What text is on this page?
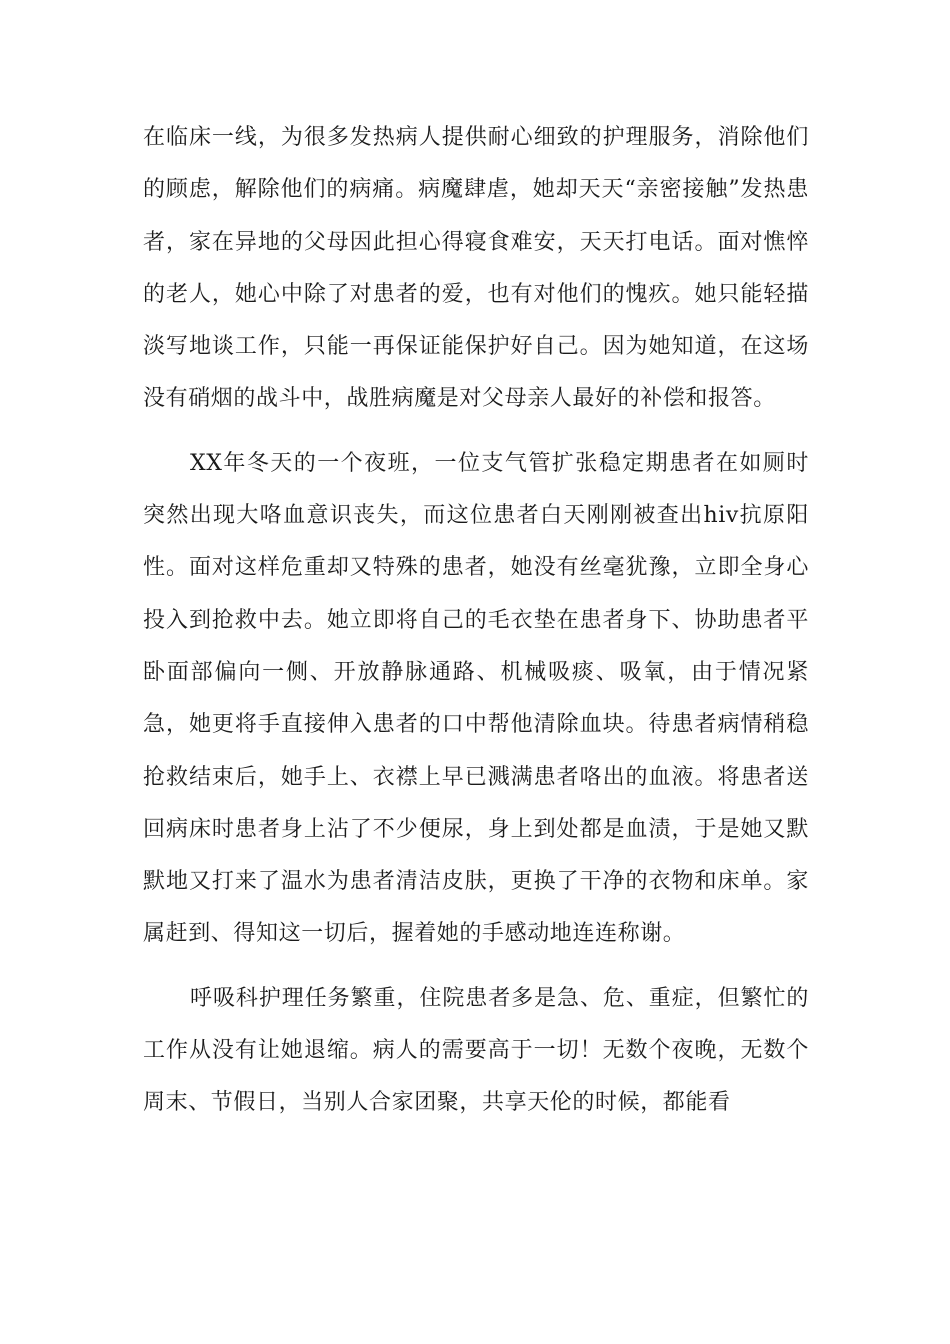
在临床一线，为很多发热病人提供耐心细致的护理服务，消除他们的顾虑，解除他们的病痛。病魔肆虐，她却天天“亲密接触”发热患者，家在异地的父母因此担心得寝食难安，天天打电话。面对憔悴的老人，她心中除了对患者的爱，也有对他们的愧疚。她只能轻描淡写地谈工作，只能一再保证能保护好自己。因为她知道，在这场没有硝烟的战斗中，战胜病魔是对父母亲人最好的补偿和报答。

XX年冬天的一个夜班，一位支气管扩张稳定期患者在如厕时突然出现大咯血意识丧失，而这位患者白天刚刚被查出hiv抗原阳性。面对这样危重却又特殊的患者，她没有丝毫犹豫，立即全身心投入到抢救中去。她立即将自己的毛衣垫在患者身下、协助患者平卧面部偏向一侧、开放静脉通路、机械吸痰、吸氧，由于情况紧急，她更将手直接伸入患者的口中帮他清除血块。待患者病情稍稳抢救结束后，她手上、衣襟上早已溅满患者咯出的血液。将患者送回病床时患者身上沾了不少便尿，身上到处都是血渍，于是她又默默地又打来了温水为患者清洁皮肤，更换了干净的衣物和床单。家属赶到、得知这一切后，握着她的手感动地连连称谢。

呼吸科护理任务繁重，住院患者多是急、危、重症，但繁忙的工作从没有让她退缩。病人的需要高于一切！无数个夜晚，无数个周末、节假日，当别人合家团聚，共享天伦的时候，都能看
